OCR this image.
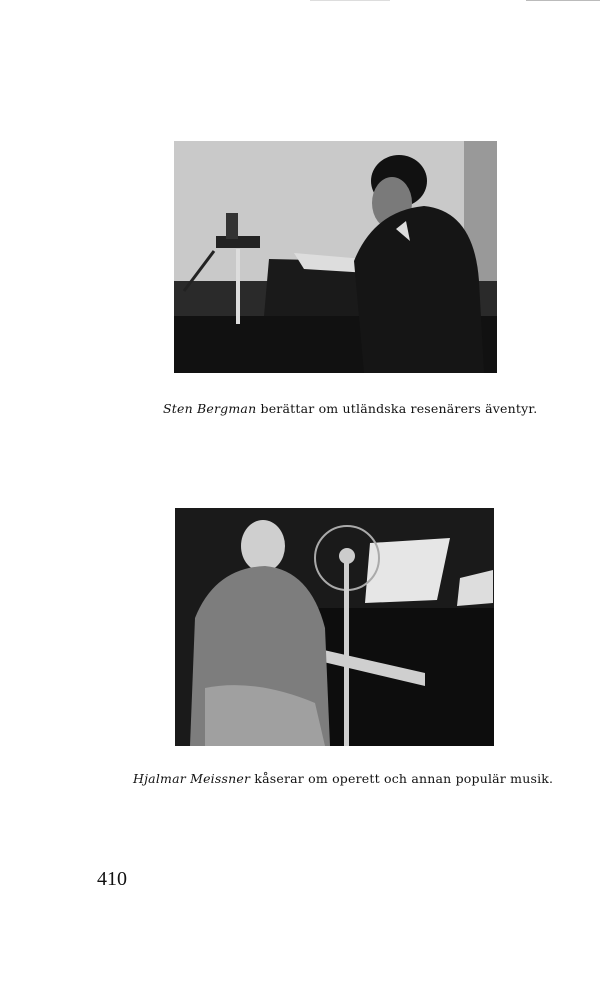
Sten Bergman berättar om utländska resenärers äventyr.
Hjalmar Meissner kåserar om operett och annan populär musik.
410
